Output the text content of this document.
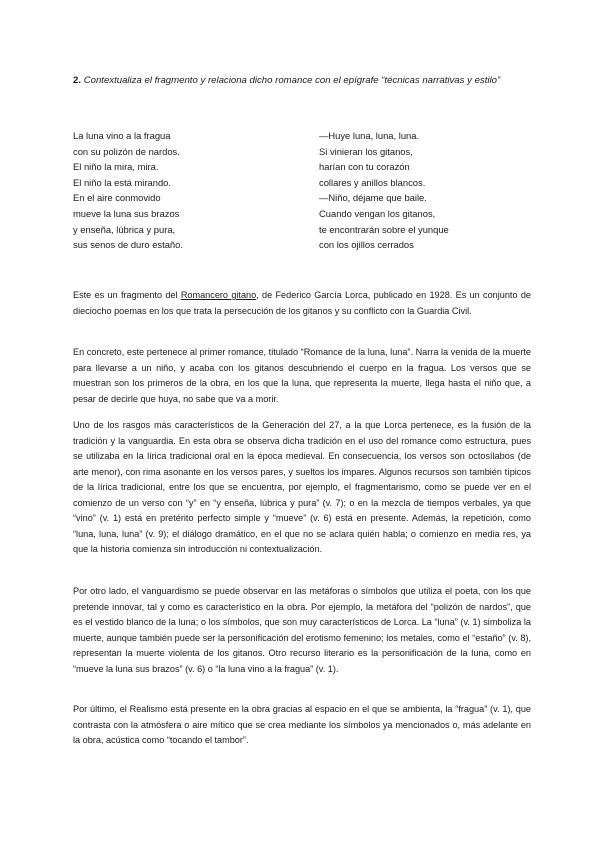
2. Contextualiza el fragmento y relaciona dicho romance con el epígrafe “técnicas narrativas y estilo”
La luna vino a la fragua
con su polizón de nardos.
El niño la mira, mira.
El niño la está mirando.
En el aire conmovido
mueve la luna sus brazos
y enseña, lúbrica y pura,
sus senos de duro estaño.
—Huye luna, luna, luna.
Si vinieran los gitanos,
harían con tu corazón
collares y anillos blancos.
—Niño, déjame que baile.
Cuando vengan los gitanos,
te encontrarán sobre el yunque
con los ojillos cerrados

Este es un fragmento del Romancero gitano, de Federico García Lorca, publicado en 1928. Es un conjunto de dieciocho poemas en los que trata la persecución de los gitanos y su conflicto con la Guardia Civil.

En concreto, este pertenece al primer romance, titulado “Romance de la luna, luna”. Narra la venida de la muerte para llevarse a un niño, y acaba con los gitanos descubriendo el cuerpo en la fragua. Los versos que se muestran son los primeros de la obra, en los que la luna, que representa la muerte, llega hasta el niño que, a pesar de decirle que huya, no sabe que va a morir.

Uno de los rasgos más característicos de la Generación del 27, a la que Lorca pertenece, es la fusión de la tradición y la vanguardia. En esta obra se observa dicha tradición en el uso del romance como estructura, pues se utilizaba en la lírica tradicional oral en la época medieval. En consecuencia, los versos son octosílabos (de arte menor), con rima asonante en los versos pares, y sueltos los impares. Algunos recursos son también típicos de la lírica tradicional, entre los que se encuentra, por ejemplo, el fragmentarismo, como se puede ver en el comienzo de un verso con “y” en “y enseña, lúbrica y pura” (v. 7); o en la mezcla de tiempos verbales, ya que “vino” (v. 1) está en pretérito perfecto simple y “mueve” (v. 6) está en presente. Además, la repetición, como “luna, luna, luna” (v. 9); el diálogo dramático, en el que no se aclara quién habla; o comienzo en media res, ya que la historia comienza sin introducción ni contextualización.

Por otro lado, el vanguardismo se puede observar en las metáforas o símbolos que utiliza el poeta, con los que pretende innovar, tal y como es característico en la obra. Por ejemplo, la metáfora del “polizón de nardos”, que es el vestido blanco de la luna; o los símbolos, que son muy característicos de Lorca. La “luna” (v. 1) simboliza la muerte, aunque también puede ser la personificación del erotismo femenino; los metales, como el “estaño” (v. 8), representan la muerte violenta de los gitanos. Otro recurso literario es la personificación de la luna, como en “mueve la luna sus brazos” (v. 6) o “la luna vino a la fragua” (v. 1).

Por último, el Realismo está presente en la obra gracias al espacio en el que se ambienta, la “fragua” (v. 1), que contrasta con la atmósfera o aire mítico que se crea mediante los símbolos ya mencionados o, más adelante en la obra, acústica como “tocando el tambor”.
